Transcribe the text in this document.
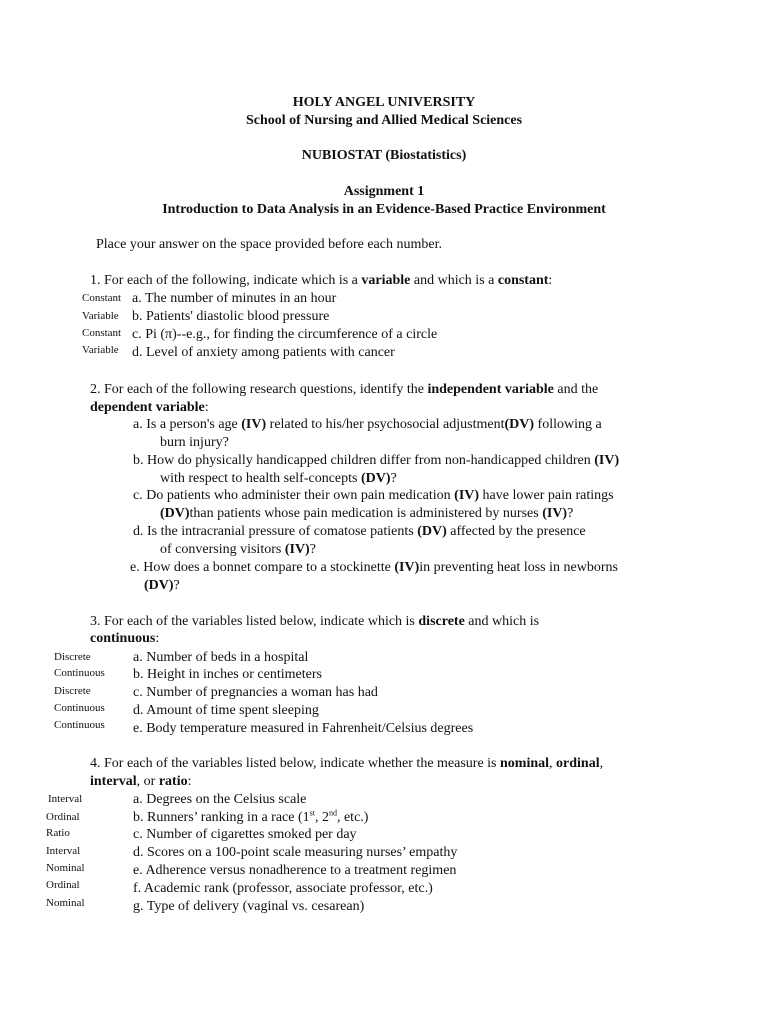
HOLY ANGEL UNIVERSITY
School of Nursing and Allied Medical Sciences
NUBIOSTAT (Biostatistics)
Assignment 1
Introduction to Data Analysis in an Evidence-Based Practice Environment
Place your answer on the space provided before each number.
1. For each of the following, indicate which is a variable and which is a constant:
Constant a. The number of minutes in an hour
Variable b. Patients' diastolic blood pressure
Constant c. Pi (π)--e.g., for finding the circumference of a circle
Variable d. Level of anxiety among patients with cancer
2. For each of the following research questions, identify the independent variable and the
dependent variable:
a. Is a person's age (IV) related to his/her psychosocial adjustment(DV) following a
burn injury?
b. How do physically handicapped children differ from non-handicapped children (IV)
with respect to health self-concepts (DV)?
c. Do patients who administer their own pain medication (IV) have lower pain ratings
(DV)than patients whose pain medication is administered by nurses (IV)?
d. Is the intracranial pressure of comatose patients (DV) affected by the presence
of conversing visitors (IV)?
e. How does a bonnet compare to a stockinette (IV)in preventing heat loss in newborns
(DV)?
3. For each of the variables listed below, indicate which is discrete and which is
continuous:
Discrete	a. Number of beds in a hospital
Continuous b. Height in inches or centimeters
Discrete	c. Number of pregnancies a woman has had
Continuous d. Amount of time spent sleeping
Continuous e. Body temperature measured in Fahrenheit/Celsius degrees
4. For each of the variables listed below, indicate whether the measure is nominal, ordinal,
interval, or ratio:
Interval	a. Degrees on the Celsius scale
Ordinal	b. Runners’ ranking in a race (1st, 2nd, etc.)
Ratio	c. Number of cigarettes smoked per day
Interval	d. Scores on a 100-point scale measuring nurses’ empathy
Nominal	e. Adherence versus nonadherence to a treatment regimen
Ordinal	f. Academic rank (professor, associate professor, etc.)
Nominal	g. Type of delivery (vaginal vs. cesarean)
